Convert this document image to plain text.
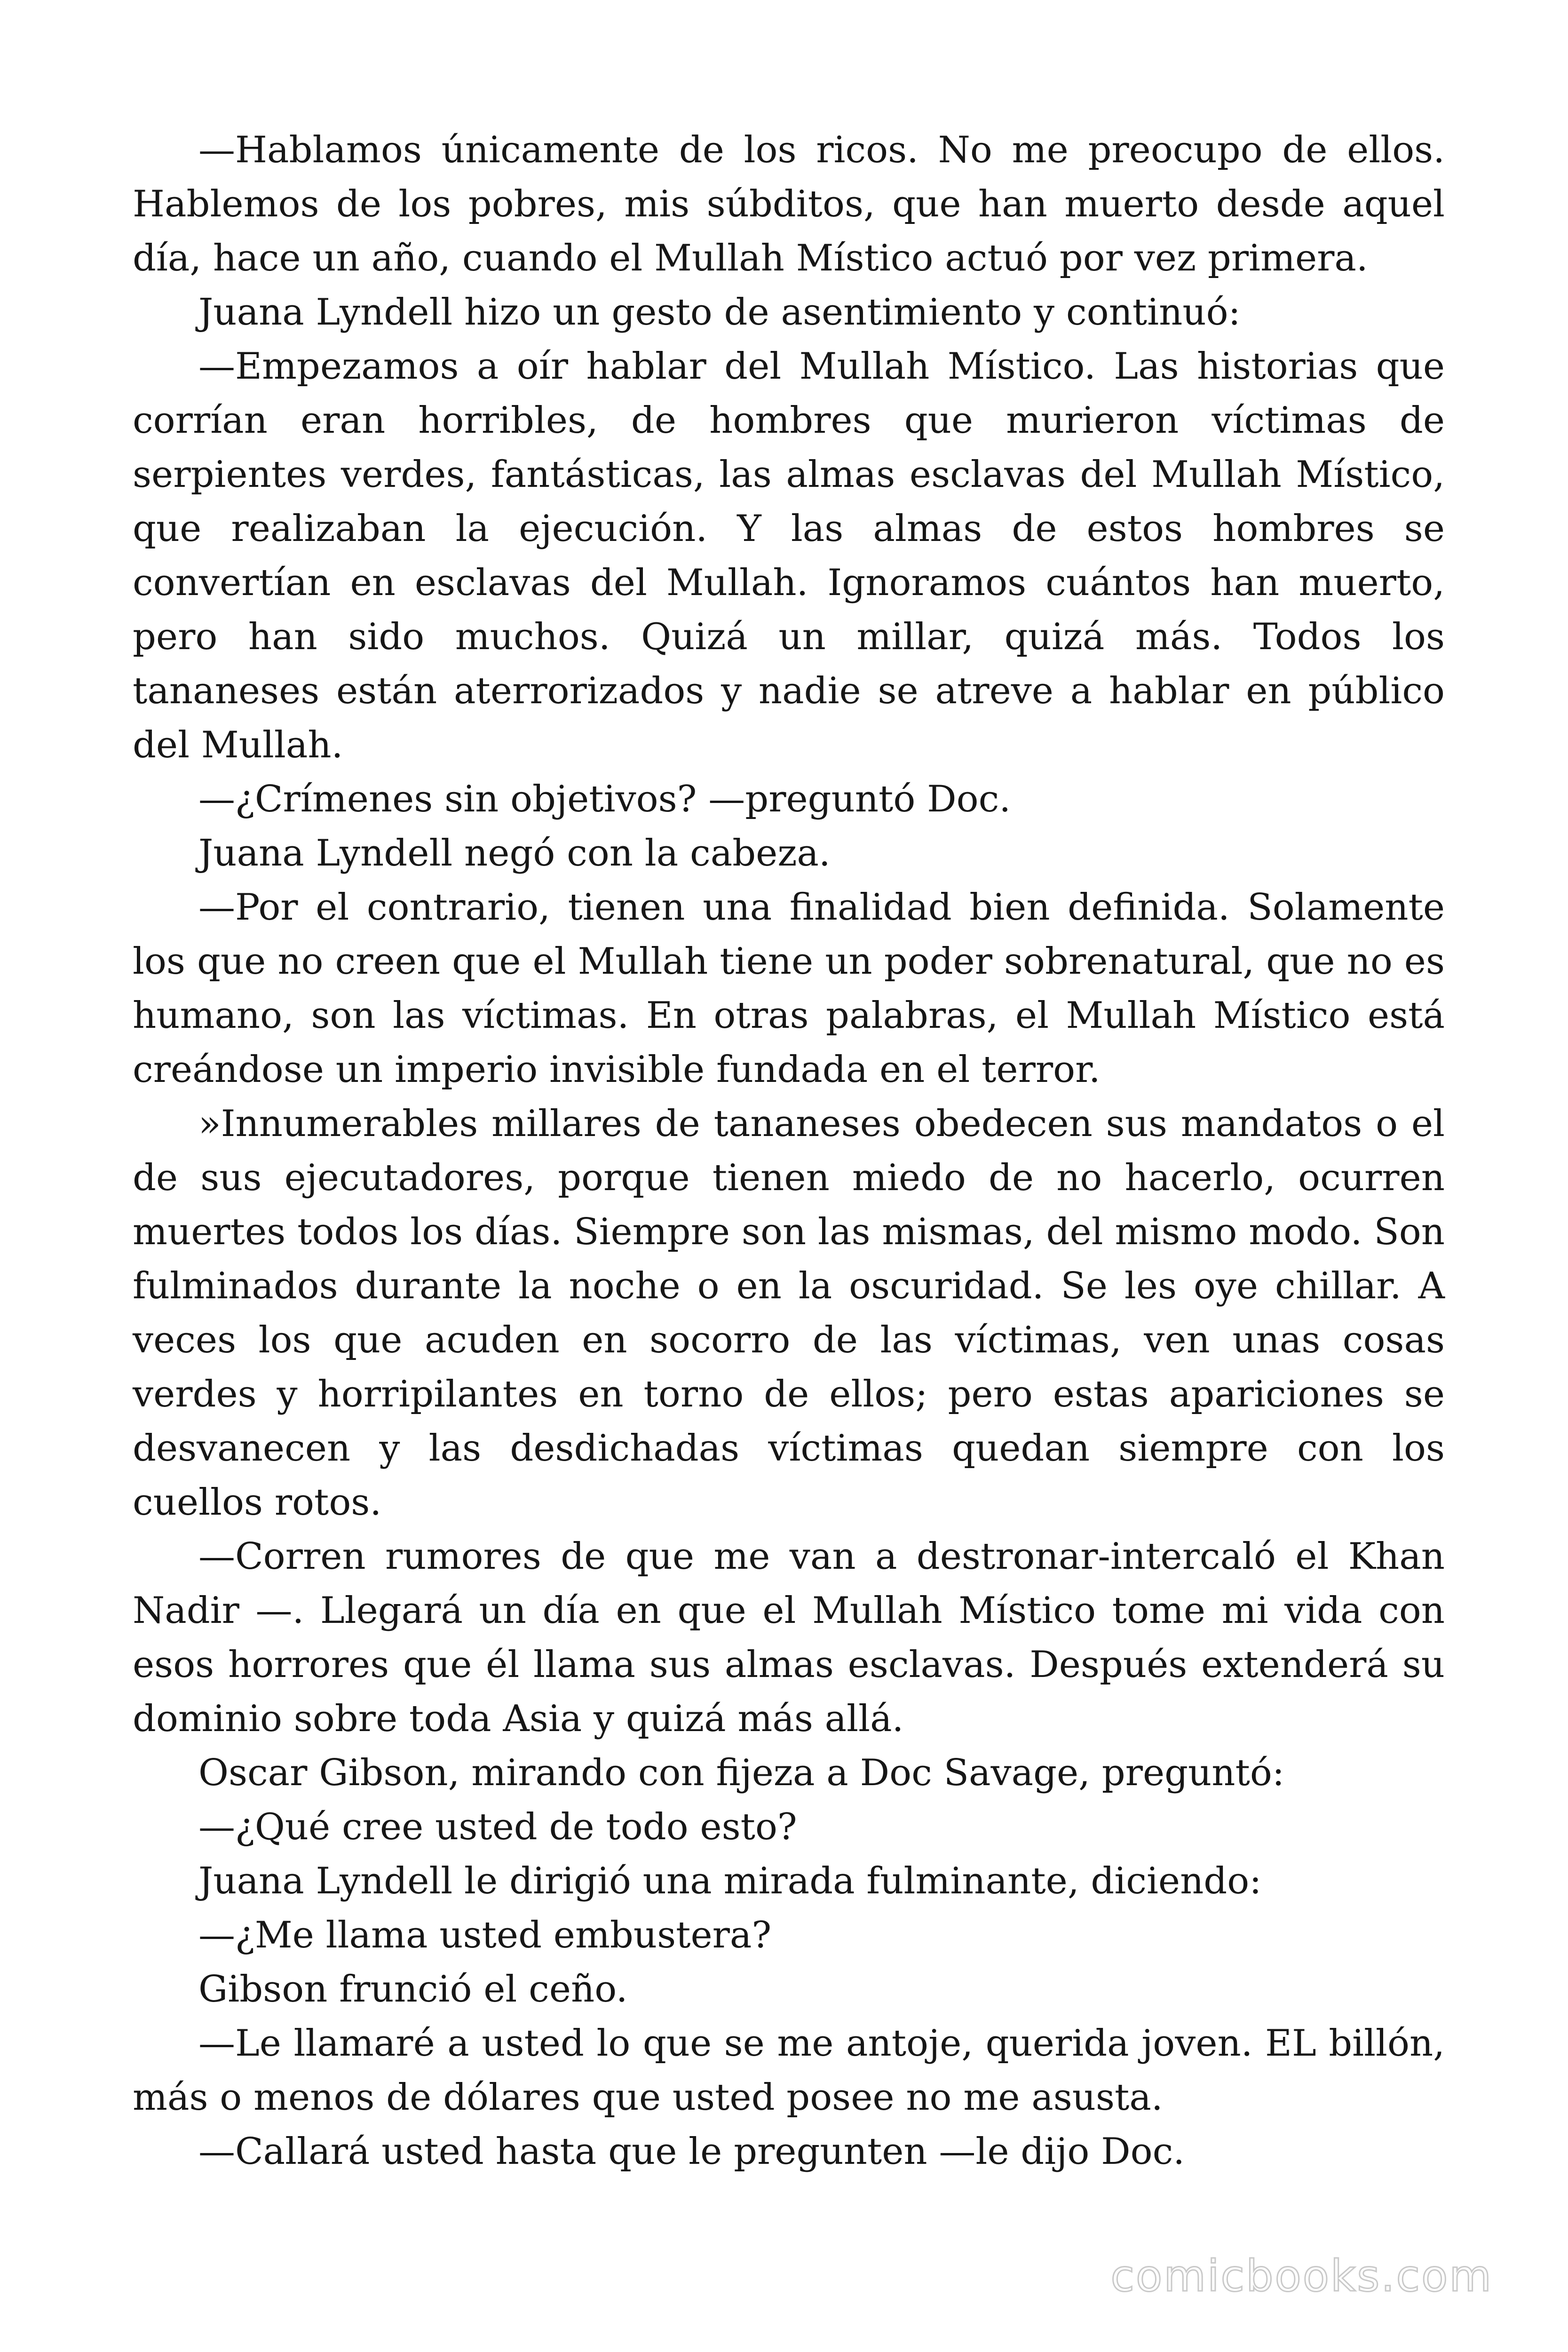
—Hablamos únicamente de los ricos. No me preocupo de ellos. Hablemos de los pobres, mis súbditos, que han muerto desde aquel día, hace un año, cuando el Mullah Místico actuó por vez primera.

Juana Lyndell hizo un gesto de asentimiento y continuó:

—Empezamos a oír hablar del Mullah Místico. Las historias que corrían eran horribles, de hombres que murieron víctimas de serpientes verdes, fantásticas, las almas esclavas del Mullah Místico, que realizaban la ejecución. Y las almas de estos hombres se convertían en esclavas del Mullah. Ignoramos cuántos han muerto, pero han sido muchos. Quizá un millar, quizá más. Todos los tananeses están aterrorizados y nadie se atreve a hablar en público del Mullah.

—¿Crímenes sin objetivos? —preguntó Doc.

Juana Lyndell negó con la cabeza.

—Por el contrario, tienen una finalidad bien definida. Solamente los que no creen que el Mullah tiene un poder sobrenatural, que no es humano, son las víctimas. En otras palabras, el Mullah Místico está creándose un imperio invisible fundada en el terror.

»Innumerables millares de tananeses obedecen sus mandatos o el de sus ejecutadores, porque tienen miedo de no hacerlo, ocurren muertes todos los días. Siempre son las mismas, del mismo modo. Son fulminados durante la noche o en la oscuridad. Se les oye chillar. A veces los que acuden en socorro de las víctimas, ven unas cosas verdes y horripilantes en torno de ellos; pero estas apariciones se desvanecen y las desdichadas víctimas quedan siempre con los cuellos rotos.

—Corren rumores de que me van a destronar-intercaló el Khan Nadir —. Llegará un día en que el Mullah Místico tome mi vida con esos horrores que él llama sus almas esclavas. Después extenderá su dominio sobre toda Asia y quizá más allá.

Oscar Gibson, mirando con fijeza a Doc Savage, preguntó:

—¿Qué cree usted de todo esto?

Juana Lyndell le dirigió una mirada fulminante, diciendo:

—¿Me llama usted embustera?

Gibson frunció el ceño.

—Le llamaré a usted lo que se me antoje, querida joven. EL billón, más o menos de dólares que usted posee no me asusta.

—Callará usted hasta que le pregunten —le dijo Doc.

comicbooks.com
